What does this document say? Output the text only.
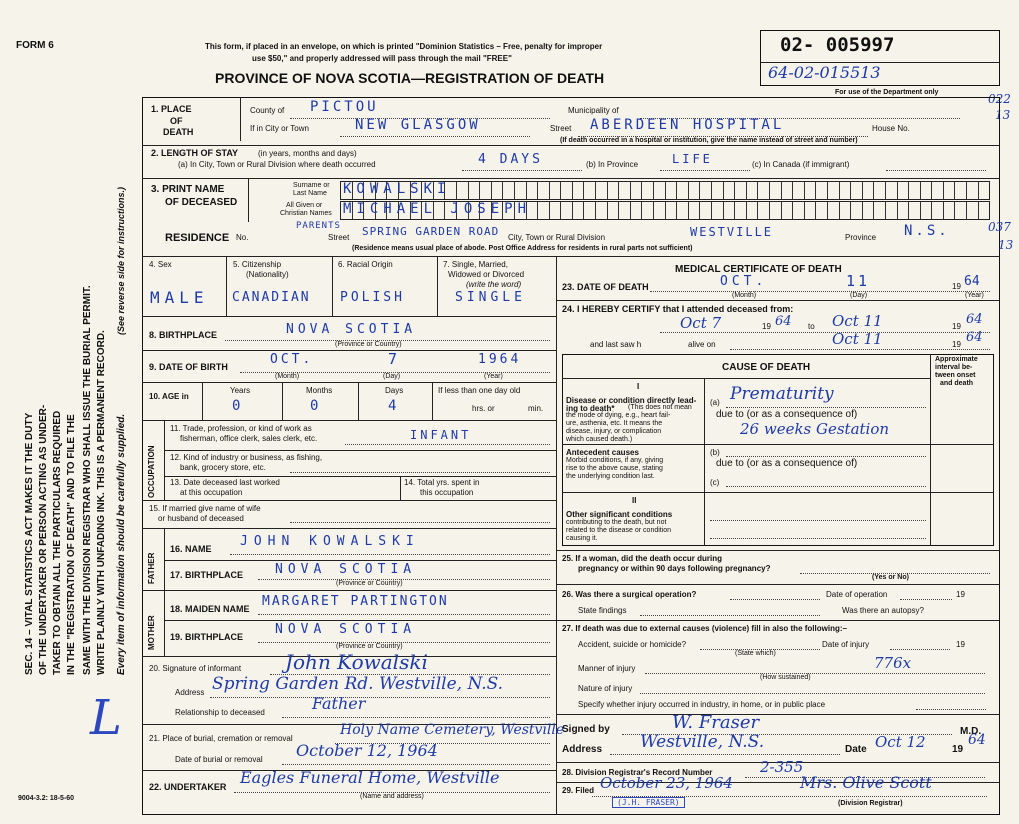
FORM 6	This form, if placed in an envelope, on which is printed "Dominion Statistics – Free, penalty for improper
use $50," and properly addressed will pass through the mail "FREE"
PROVINCE OF NOVA SCOTIA—REGISTRATION OF DEATH
02- 005997
64-02-015513
For use of the Department only	022
13
SEC. 14 – VITAL STATISTICS ACT MAKES IT THE DUTY OF THE UNDERTAKER OR PERSON ACTING AS UNDER- TAKER TO OBTAIN ALL THE PARTICULARS REQUIRED IN THE "REGISTRATION OF DEATH" AND TO FILE THE SAME WITH THE DIVISION REGISTRAR WHO SHALL ISSUE THE BURIAL PERMIT. WRITE PLAINLY WITH UNFADING INK. THIS IS A PERMANENT RECORD. Every item of information should be carefully supplied.
(See reverse side for instructions.)
9004-3.2: 18-5-60
L
1. PLACE
OF
DEATH
County of PICTOU	Municipality of
If in City or Town	NEW GLASGOW	Street ABERDEEN HOSPITAL	House No.
(If death occurred in a hospital or institution, give the name instead of street and number)
2. LENGTH OF STAY (in years, months and days)
(a) In City, Town or Rural Division where death occurred	4 DAYS	(b) In Province	LIFE	(c) In Canada (if immigrant)
3. PRINT NAME
OF DECEASED
Surname or
Last Name
All Given or
Christian Names
KOWALSKI
MICHAEL JOSEPH
RESIDENCE No.
PARENTS
Street SPRING GARDEN ROAD City, Town or Rural Division	WESTVILLE	Province N.S.
(Residence means usual place of abode. Post Office Address for residents in rural parts not sufficient)
037
13
4. Sex	5. Citizenship
(Nationality)
6. Racial Origin	7. Single, Married,
Widowed or Divorced
(write the word)
MALE CANADIAN POLISH	SINGLE
8. BIRTHPLACE	NOVA SCOTIA
(Province or Country)
9. DATE OF BIRTH	OCT.	7	1964
(Month)	(Day)	(Year)
10. AGE in
Years	Months	Days
0	0	4
If less than one day old
hrs. or	min.
OCCUPATION
11. Trade, profession, or kind of work as
fisherman, office clerk, sales clerk, etc.	INFANT
12. Kind of industry or business, as fishing,
bank, grocery store, etc.
13. Date deceased last worked
at this occupation
14. Total yrs. spent in
this occupation
15. If married give name of wife
or husband of deceased
FATHER
16. NAME JOHN KOWALSKI
17. BIRTHPLACE NOVA SCOTIA
(Province or Country)
MOTHER
18. MAIDEN NAME MARGARET PARTINGTON
19. BIRTHPLACE NOVA SCOTIA
(Province or Country)
20. Signature of informant John Kowalski
Address Spring Garden Rd. Westville, N.S.
Relationship to deceased	Father
21. Place of burial, cremation or removal
Holy Name Cemetery, Westville
Date of burial or removal October 12, 1964
22. UNDERTAKER Eagles Funeral Home, Westville
(Name and address)
MEDICAL CERTIFICATE OF DEATH
23. DATE OF DEATH	OCT.	11	19 64
(Month)	(Day)	(Year)
24. I HEREBY CERTIFY that I attended deceased from:
Oct 7	19 64 to Oct 11	19 64
and last saw h	alive on	Oct 11	19 64
CAUSE OF DEATH
Approximate
interval be-
tween onset
and death
I
Disease or condition directly lead-
ing to death* (This does not mean
the mode of dying, e.g., heart fail-
ure, asthenia, etc. It means the
disease, injury, or complication
which caused death.)
(a) Prematurity
due to (or as a consequence of)
26 weeks Gestation
Antecedent causes
Morbid conditions, if any, giving
rise to the above cause, stating
the underlying condition last.
(b)
due to (or as a consequence of)
(c)
II
Other significant conditions
contributing to the death, but not
related to the disease or condition
causing it.
25. If a woman, did the death occur during
pregnancy or within 90 days following pregnancy?
(Yes or No)
26. Was there a surgical operation?	Date of operation	19
State findings	Was there an autopsy?
27. If death was due to external causes (violence) fill in also the following:–
Accident, suicide or homicide?
(State which)
Date of injury	19
Manner of injury	776x
(How sustained)
Nature of injury
Specify whether injury occurred in industry, in home, or in public place
Signed by	W. Fraser	M.D.
Address Westville, N.S.	Date Oct 12	19
64
28. Division Registrar's Record Number	2-355
29. Filed October 23, 1964	Mrs. Olive Scott
(J.H. FRASER)	(Division Registrar)
